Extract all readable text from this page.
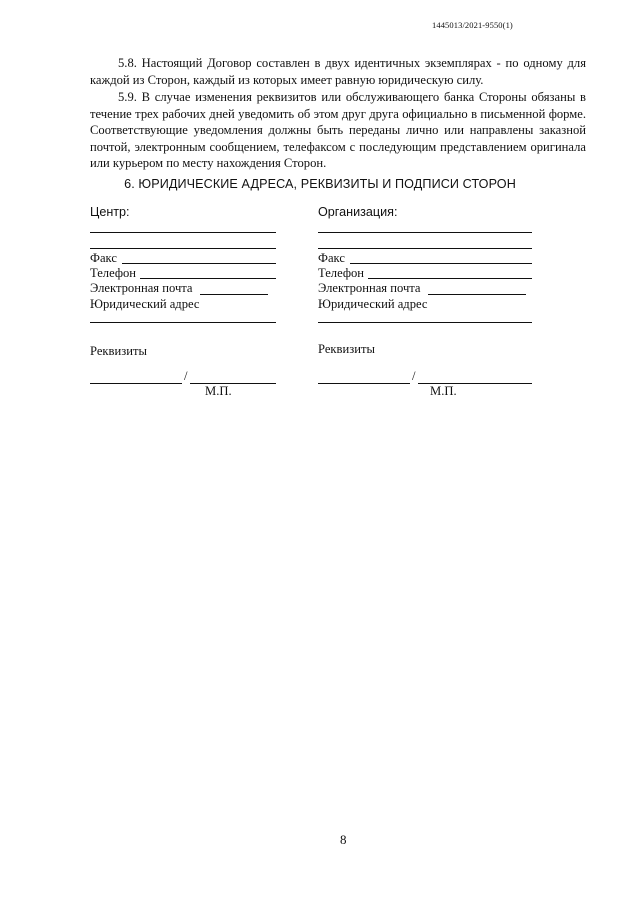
1445013/2021-9550(1)

5.8. Настоящий Договор составлен в двух идентичных экземплярах - по одному для каждой из Сторон, каждый из которых имеет равную юридическую силу.

5.9. В случае изменения реквизитов или обслуживающего банка Стороны обязаны в течение трех рабочих дней уведомить об этом друг друга официально в письменной форме. Соответствующие уведомления должны быть переданы лично или направлены заказной почтой, электронным сообщением, телефаксом с последующим представлением оригинала или курьером по месту нахождения Сторон.

6. ЮРИДИЧЕСКИЕ АДРЕСА, РЕКВИЗИТЫ И ПОДПИСИ СТОРОН
Центр:
Факс
Телефон
Электронная почта
Юридический адрес
Реквизиты
/
М.П.
Организация:
Факс
Телефон
Электронная почта
Юридический адрес
Реквизиты
/
М.П.
8
